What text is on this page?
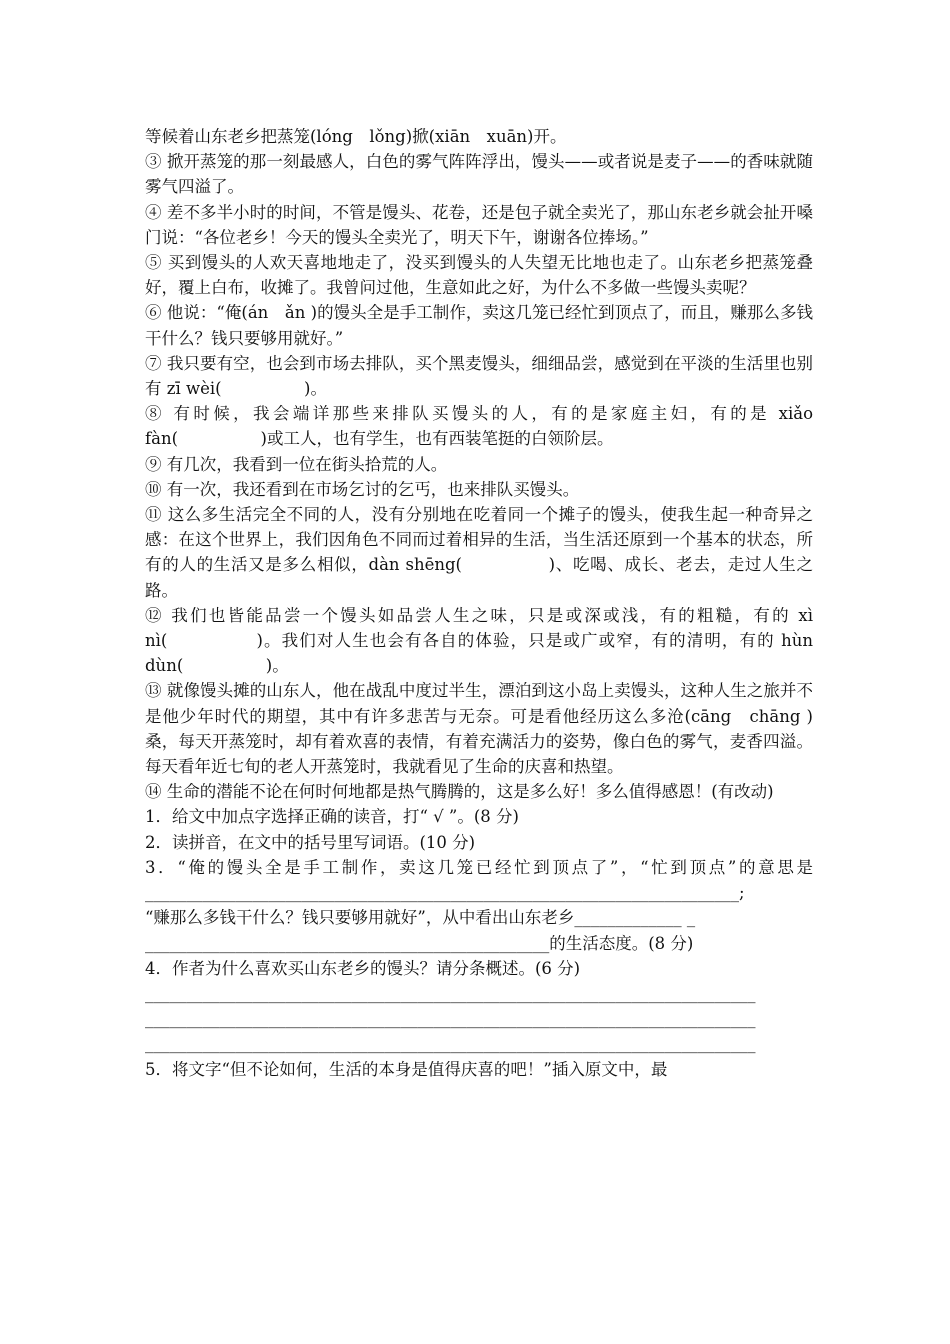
等候着山东老乡把蒸笼(lóng　lǒng)掀(xiān　xuān)开。

③ 掀开蒸笼的那一刻最感人，白色的雾气阵阵浮出，馒头——或者说是麦子——的香味就随雾气四溢了。

④ 差不多半小时的时间，不管是馒头、花卷，还是包子就全卖光了，那山东老乡就会扯开嗓门说：“各位老乡！今天的馒头全卖光了，明天下午，谢谢各位捧场。”

⑤ 买到馒头的人欢天喜地地走了，没买到馒头的人失望无比地也走了。山东老乡把蒸笼叠好，覆上白布，收摊了。我曾问过他，生意如此之好，为什么不多做一些馒头卖呢？

⑥ 他说：“俺(án　ǎn )的馒头全是手工制作，卖这几笼已经忙到顶点了，而且，赚那么多钱干什么？钱只要够用就好。”

⑦ 我只要有空，也会到市场去排队，买个黑麦馒头，细细品尝，感觉到在平淡的生活里也别有 zī wèi(　　　　　)。

⑧ 有时候，我会端详那些来排队买馒头的人，有的是家庭主妇，有的是 xiǎo fàn(　　　　　)或工人，也有学生，也有西装笔挺的白领阶层。

⑨ 有几次，我看到一位在街头拾荒的人。

⑩ 有一次，我还看到在市场乞讨的乞丐，也来排队买馒头。

⑪ 这么多生活完全不同的人，没有分别地在吃着同一个摊子的馒头，使我生起一种奇异之感：在这个世界上，我们因角色不同而过着相异的生活，当生活还原到一个基本的状态，所有的人的生活又是多么相似，dàn shēng(　　　　　)、吃喝、成长、老去，走过人生之路。

⑫ 我们也皆能品尝一个馒头如品尝人生之味，只是或深或浅，有的粗糙，有的 xì nì(　　　　　)。我们对人生也会有各自的体验，只是或广或窄，有的清明，有的 hùn dùn(　　　　　)。

⑬ 就像馒头摊的山东人，他在战乱中度过半生，漂泊到这小岛上卖馒头，这种人生之旅并不是他少年时代的期望，其中有许多悲苦与无奈。可是看他经历这么多沧(cāng　chāng )桑，每天开蒸笼时，却有着欢喜的表情，有着充满活力的姿势，像白色的雾气，麦香四溢。每天看年近七旬的老人开蒸笼时，我就看见了生命的庆喜和热望。

⑭ 生命的潜能不论在何时何地都是热气腾腾的，这是多么好！多么值得感恩！(有改动)

1．给文中加点字选择正确的读音，打“ √ ”。(8 分)

2．读拼音，在文中的括号里写词语。(10 分)

3．“俺的馒头全是手工制作，卖这几笼已经忙到顶点了”，“忙到顶点”的意思是________________________________________________________________________;

“赚那么多钱干什么？钱只要够用就好”，从中看出山东老乡_____________ _

_________________________________________________的生活态度。(8 分)

4．作者为什么喜欢买山东老乡的馒头？请分条概述。(6 分)

__________________________________________________________________________

__________________________________________________________________________

__________________________________________________________________________

5．将文字“但不论如何，生活的本身是值得庆喜的吧！”插入原文中，最
